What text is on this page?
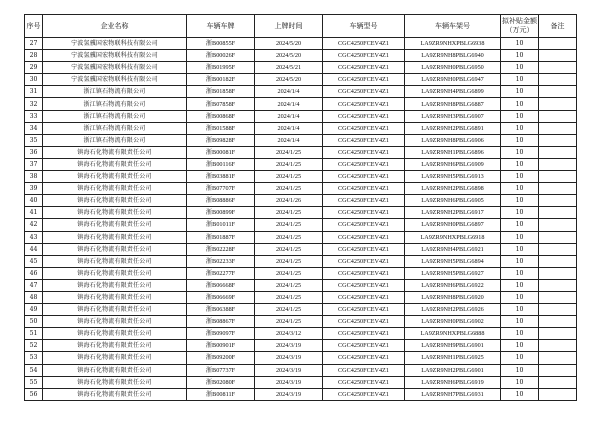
序号	企业名称	车辆车牌	上牌时间	车辆型号	车辆车架号	拟补贴金额（万元）	备注
27	宁波氢骥国宏物联科技有限公司	浙B00855F	2024/5/20	CGC4250FCEV4Z1	LA9ZR9NHXPBLG6938	10	
28	宁波氢骥国宏物联科技有限公司	浙B00026F	2024/5/20	CGC4250FCEV4Z1	LA9ZR9NH8PBLG6940	10	
29	宁波氢骥国宏物联科技有限公司	浙B01995F	2024/5/21	CGC4250FCEV4Z1	LA9ZR9NH0PBLG6950	10	
30	宁波氢骥国宏物联科技有限公司	浙B00182F	2024/5/20	CGC4250FCEV4Z1	LA9ZR9NH0PBLG6947	10	
31	浙江镇石物流有限公司	浙B01858F	2024/1/4	CGC4250FCEV4Z1	LA9ZR9NH4PBLG6899	10	
32	浙江镇石物流有限公司	浙B07858F	2024/1/4	CGC4250FCEV4Z1	LA9ZR9NH8PBLG6887	10	
33	浙江镇石物流有限公司	浙B00868F	2024/1/4	CGC4250FCEV4Z1	LA9ZR9NH3PBLG6907	10	
34	浙江镇石物流有限公司	浙B01588F	2024/1/4	CGC4250FCEV4Z1	LA9ZR9NH2PBLG6891	10	
35	浙江镇石物流有限公司	浙B09828F	2024/1/4	CGC4250FCEV4Z1	LA9ZR9NH8PBLG6906	10	
36	镇海石化物流有限责任公司	浙B00081F	2024/1/25	CGC4250FCEV4Z1	LA9ZR9NH1PBLG6896	10	
37	镇海石化物流有限责任公司	浙B00116F	2024/1/25	CGC4250FCEV4Z1	LA9ZR9NH6PBLG6909	10	
38	镇海石化物流有限责任公司	浙B03881F	2024/1/25	CGC4250FCEV4Z1	LA9ZR9NH5PBLG6913	10	
39	镇海石化物流有限责任公司	浙B07707F	2024/1/25	CGC4250FCEV4Z1	LA9ZR9NH2PBLG6898	10	
40	镇海石化物流有限责任公司	浙B08886F	2024/1/26	CGC4250FCEV4Z1	LA9ZR9NH6PBLG6905	10	
41	镇海石化物流有限责任公司	浙B00899F	2024/1/25	CGC4250FCEV4Z1	LA9ZR9NH2PBLG6917	10	
42	镇海石化物流有限责任公司	浙B01011F	2024/1/25	CGC4250FCEV4Z1	LA9ZR9NH0PBLG6897	10	
43	镇海石化物流有限责任公司	浙B01887F	2024/1/25	CGC4250FCEV4Z1	LA9ZR9NHXPBLG6918	10	
44	镇海石化物流有限责任公司	浙B02228F	2024/1/25	CGC4250FCEV4Z1	LA9ZR9NH4PBLG6921	10	
45	镇海石化物流有限责任公司	浙B02233F	2024/1/25	CGC4250FCEV4Z1	LA9ZR9NH5PBLG6894	10	
46	镇海石化物流有限责任公司	浙B02277F	2024/1/25	CGC4250FCEV4Z1	LA9ZR9NH5PBLG6927	10	
47	镇海石化物流有限责任公司	浙B06668F	2024/1/25	CGC4250FCEV4Z1	LA9ZR9NH6PBLG6922	10	
48	镇海石化物流有限责任公司	浙B06669F	2024/1/25	CGC4250FCEV4Z1	LA9ZR9NH8PBLG6920	10	
49	镇海石化物流有限责任公司	浙B06388F	2024/1/25	CGC4250FCEV4Z1	LA9ZR9NH2PBLG6926	10	
50	镇海石化物流有限责任公司	浙B08867F	2024/1/25	CGC4250FCEV4Z1	LA9ZR9NH0PBLG6902	10	
51	镇海石化物流有限责任公司	浙B09097F	2024/3/12	CGC4250FCEV4Z1	LA9ZR9NHXPBLG6888	10	
52	镇海石化物流有限责任公司	浙B00901F	2024/3/19	CGC4250FCEV4Z1	LA9ZR9NH9PBLG6901	10	
53	镇海石化物流有限责任公司	浙B09200F	2024/3/19	CGC4250FCEV4Z1	LA9ZR9NH1PBLG6925	10	
54	镇海石化物流有限责任公司	浙B07737F	2024/3/19	CGC4250FCEV4Z1	LA9ZR9NH2PBLG6901	10	
55	镇海石化物流有限责任公司	浙B02080F	2024/3/19	CGC4250FCEV4Z1	LA9ZR9NH6PBLG6919	10	
56	镇海石化物流有限责任公司	浙B00811F	2024/3/19	CGC4250FCEV4Z1	LA9ZR9NH7PBLG6931	10	
